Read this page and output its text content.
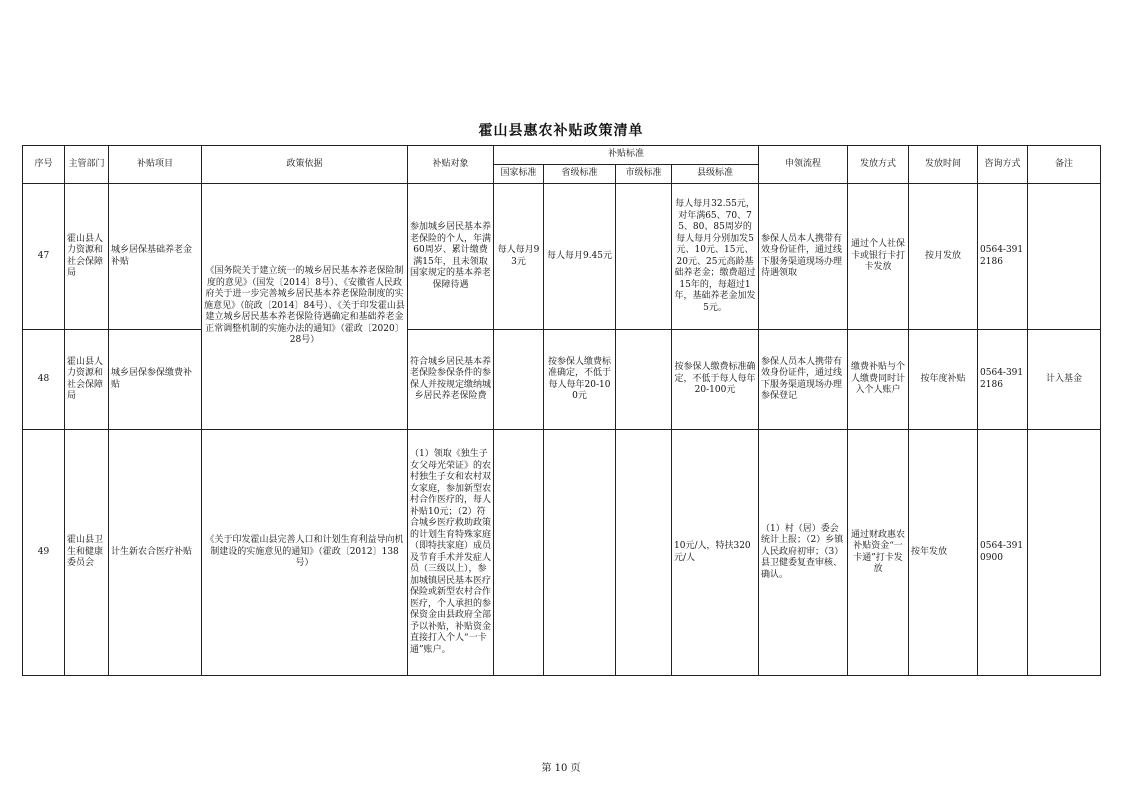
霍山县惠农补贴政策清单
序号	主管部门	补贴项目	政策依据	补贴对象	补贴标准				申领流程	发放方式	发放时间	咨询方式	备注
					国家标准	省级标准	市级标准	县级标准					
47	霍山县人力资源和社会保障局	城乡居保基础养老金补贴	《国务院关于建立统一的城乡居民基本养老保险制度的意见》（国发〔2014〕8号）、《安徽省人民政府关于进一步完善城乡居民基本养老保险制度的实施意见》（皖政〔2014〕84号）、《关于印发霍山县建立城乡居民基本养老保险待遇确定和基础养老金正常调整机制的实施办法的通知》（霍政〔2020〕28号）	参加城乡居民基本养老保险的个人，年满60周岁、累计缴费满15年，且未领取国家规定的基本养老保障待遇	每人每月93元	每人每月9.45元		每人每月32.55元，对年满65、70、75、80、85周岁的每人每月分别加发5元、10元、15元、20元、25元高龄基础养老金；缴费超过15年的，每超过1年，基础养老金加发5元。	参保人员本人携带有效身份证件，通过线下服务渠道现场办理待遇领取	通过个人社保卡或银行卡打卡发放	按月发放	0564-3912186	
48	霍山县人力资源和社会保障局	城乡居保参保缴费补贴		符合城乡居民基本养老保险参保条件的参保人并按规定缴纳城乡居民养老保险费		按参保人缴费标准确定，不低于每人每年20-100元		按参保人缴费标准确定，不低于每人每年20-100元	参保人员本人携带有效身份证件，通过线下服务渠道现场办理参保登记	缴费补贴与个人缴费同时计入个人账户	按年度补贴	0564-3912186	计入基金
49	霍山县卫生和健康委员会	计生新农合医疗补贴	《关于印发霍山县完善人口和计划生育利益导向机制建设的实施意见的通知》（霍政〔2012〕138号）	（1）领取《独生子女父母光荣证》的农村独生子女和农村双女家庭，参加新型农村合作医疗的，每人补贴10元；（2）符合城乡医疗救助政策的计划生育特殊家庭（即特扶家庭）成员及节育手术并发症人员（三级以上），参加城镇居民基本医疗保险或新型农村合作医疗，个人承担的参保资金由县政府全部予以补贴，补贴资金直接打入个人“一卡通”账户。				10元/人，特扶320元/人	（1）村（居）委会统计上报；（2）乡镇人民政府初审；（3）县卫健委复查审核、确认。	通过财政惠农补贴资金“一卡通”打卡发放	按年发放	0564-3910900	
第 10 页
